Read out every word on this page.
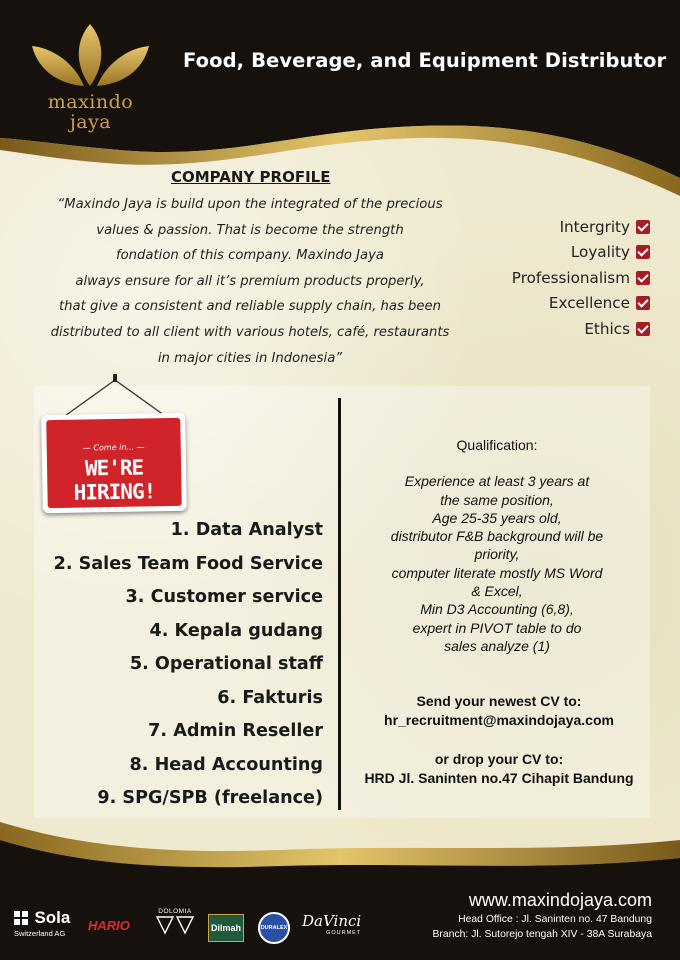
maxindo
jaya
Food, Beverage, and Equipment Distributor
COMPANY PROFILE
“Maxindo Jaya is build upon the integrated of the precious
values & passion. That is become the strength
fondation of this company. Maxindo Jaya
always ensure for all it’s premium products properly,
that give a consistent and reliable supply chain, has been
distributed to all client with various hotels, café, restaurants
in major cities in Indonesia”
Intergrity
Loyality
Professionalism
Excellence
Ethics
— Come in... —
WE'RE HIRING!
1. Data Analyst
2. Sales Team Food Service
3. Customer service
4. Kepala gudang
5. Operational staff
6. Fakturis
7. Admin Reseller
8. Head Accounting
9. SPG/SPB (freelance)
Qualification:
Experience at least 3 years at
the same position,
Age 25-35 years old,
distributor F&B background will be
priority,
computer literate mostly MS Word
& Excel,
Min D3 Accounting (6,8),
expert in PIVOT table to do
sales analyze (1)
Send your newest CV to:
hr_recruitment@maxindojaya.com
or drop your CV to:
HRD Jl. Saninten no.47 Cihapit Bandung
www.maxindojaya.com
Head Office : Jl. Saninten no. 47 Bandung
Branch: Jl. Sutorejo tengah XIV - 38A Surabaya
Sola
Switzerland AG
HARIO
DOLOMIA
Dilmah	DURALEX DaVinci
GOURMET
